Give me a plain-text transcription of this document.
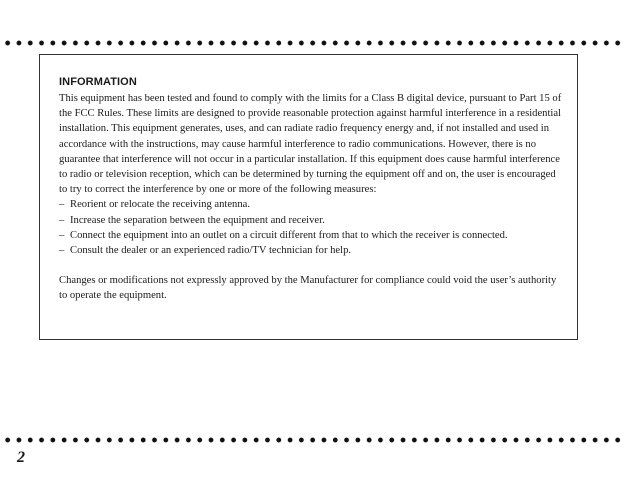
INFORMATION

This equipment has been tested and found to comply with the limits for a Class B digital device, pursuant to Part 15 of the FCC Rules. These limits are designed to provide reasonable protection against harmful interference in a residential installation. This equipment generates, uses, and can radiate radio frequency energy and, if not installed and used in accordance with the instructions, may cause harmful interference to radio communications. However, there is no guarantee that interference will not occur in a particular installation. If this equipment does cause harmful interference to radio or television reception, which can be determined by turning the equipment off and on, the user is encouraged to try to correct the interference by one or more of the following measures:

– Reorient or relocate the receiving antenna.
– Increase the separation between the equipment and receiver.
– Connect the equipment into an outlet on a circuit different from that to which the receiver is connected.
– Consult the dealer or an experienced radio/TV technician for help.

Changes or modifications not expressly approved by the Manufacturer for compliance could void the user’s authority to operate the equipment.

2
